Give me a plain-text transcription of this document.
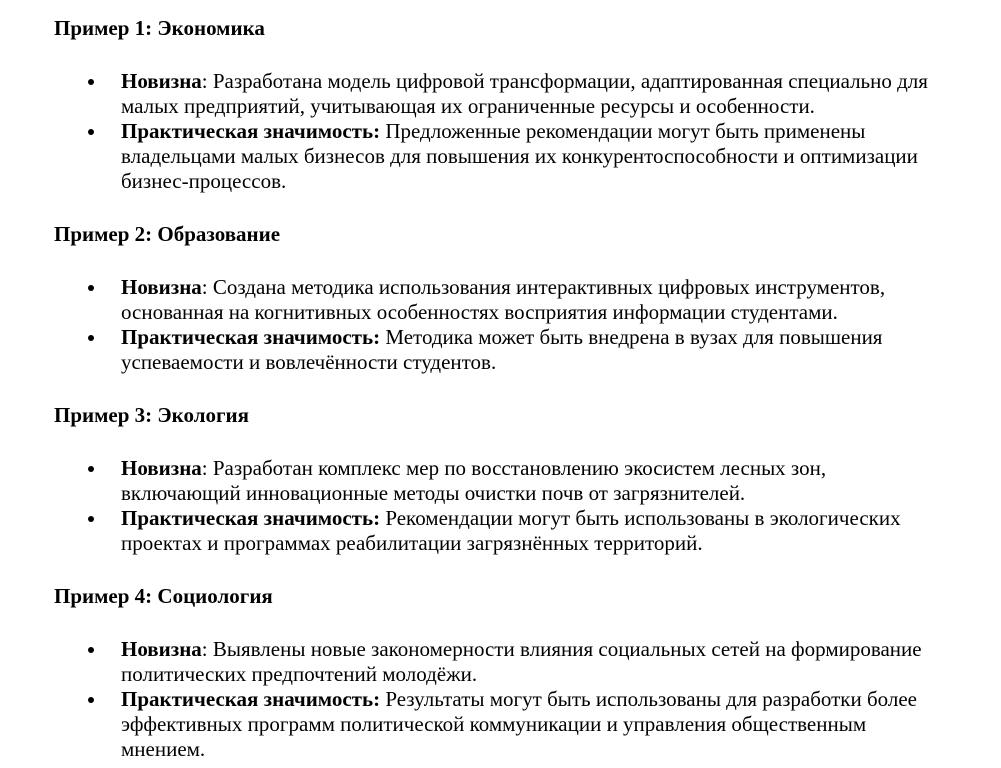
Пример 1: Экономика
Новизна: Разработана модель цифровой трансформации, адаптированная специально для малых предприятий, учитывающая их ограниченные ресурсы и особенности.
Практическая значимость: Предложенные рекомендации могут быть применены владельцами малых бизнесов для повышения их конкурентоспособности и оптимизации бизнес-процессов.
Пример 2: Образование
Новизна: Создана методика использования интерактивных цифровых инструментов, основанная на когнитивных особенностях восприятия информации студентами.
Практическая значимость: Методика может быть внедрена в вузах для повышения успеваемости и вовлечённости студентов.
Пример 3: Экология
Новизна: Разработан комплекс мер по восстановлению экосистем лесных зон, включающий инновационные методы очистки почв от загрязнителей.
Практическая значимость: Рекомендации могут быть использованы в экологических проектах и программах реабилитации загрязнённых территорий.
Пример 4: Социология
Новизна: Выявлены новые закономерности влияния социальных сетей на формирование политических предпочтений молодёжи.
Практическая значимость: Результаты могут быть использованы для разработки более эффективных программ политической коммуникации и управления общественным мнением.
